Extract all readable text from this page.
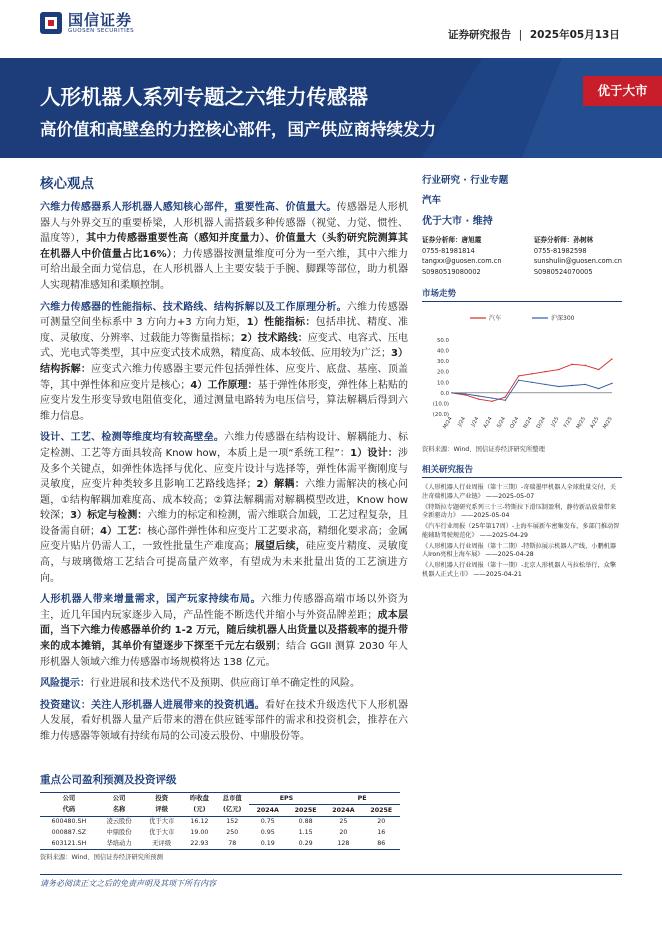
国信证券
GUOSEN SECURITIES	证券研究报告 | 2025年05月13日
人形机器人系列专题之六维力传感器
高价值和高壁垒的力控核心部件，国产供应商持续发力
优于大市
核心观点
六维力传感器系人形机器人感知核心部件，重要性高、价值量大。传感器是人形机器人与外界交互的重要桥梁，人形机器人需搭载多种传感器（视觉、力觉、惯性、温度等），其中力传感器重要性高（感知并度量力）、价值量大（头豹研究院测算其在机器人中价值量占比16%）；力传感器按测量维度可分为一至六维，其中六维力可给出最全面力觉信息，在人形机器人上主要安装于手腕、脚踝等部位，助力机器人实现精准感知和柔顺控制。
六维力传感器的性能指标、技术路线、结构拆解以及工作原理分析。六维力传感器可测量空间坐标系中 3 方向力+3 方向力矩，1）性能指标：包括串扰、精度、准度、灵敏度、分辨率、过载能力等衡量指标；2）技术路线：应变式、电容式、压电式、光电式等类型，其中应变式技术成熟，精度高、成本较低、应用较为广泛；3）结构拆解：应变式六维力传感器主要元件包括弹性体、应变片、底盘、基座、顶盖等，其中弹性体和应变片是核心；4）工作原理：基于弹性体形变，弹性体上粘贴的应变片发生形变导致电阻值变化，通过测量电路转为电压信号，算法解耦后得到六维力信息。
设计、工艺、检测等维度均有较高壁垒。六维力传感器在结构设计、解耦能力、标定检测、工艺等方面具较高 Know how，本质上是一项“系统工程”：1）设计：涉及多个关键点，如弹性体选择与优化、应变片设计与选择等，弹性体需平衡刚度与灵敏度，应变片种类较多且影响工艺路线选择；2）解耦：六维力需解决的核心问题，①结构解耦加难度高、成本较高；②算法解耦需对解耦模型改进，Know how较深；3）标定与检测：六维力的标定和检测，需六维联合加载，工艺过程复杂，且设备需自研；4）工艺：核心部件弹性体和应变片工艺要求高，精细化要求高；金属应变片贴片仍需人工，一致性批量生产难度高；展望后续，硅应变片精度、灵敏度高，与玻璃微熔工艺结合可提高量产效率，有望成为未来批量出货的工艺演进方向。
人形机器人带来增量需求，国产玩家持续布局。六维力传感器高端市场以外资为主，近几年国内玩家逐步入局，产品性能不断迭代并缩小与外资品牌差距；成本层面，当下六维力传感器单价约 1-2 万元，随后续机器人出货量以及搭载率的提升带来的成本摊销，其单价有望逐步下探至千元左右级别；结合 GGII 测算 2030 年人形机器人领域六维力传感器市场规模将达 138 亿元。
风险提示：行业进展和技术迭代不及预期、供应商订单不确定性的风险。
投资建议：关注人形机器人进展带来的投资机遇。看好在技术升级迭代下人形机器人发展，看好机器人量产后带来的潜在供应链零部件的需求和投资机会，推荐在六维力传感器等领域有持续布局的公司凌云股份、中鼎股份等。
重点公司盈利预测及投资评级
公司	公司	投资	昨收盘	总市值	EPS		PE	
代码	名称	评级	(元)	(亿元)	2024A	2025E	2024A	2025E
600480.SH	凌云股份	优于大市	16.12	152	0.75	0.88	25	20
000887.SZ	中鼎股份	优于大市	19.00	250	0.95	1.15	20	16
603121.SH	华培动力	无评级	22.93	78	0.19	0.29	128	86
资料来源：Wind、国信证券经济研究所预测
行业研究 · 行业专题
汽车
优于大市 · 维持
证券分析师：唐旭霞
0755-81981814
tangxx@guosen.com.cn
S0980519080002
证券分析师：孙树林
0755-81982598
sunshulin@guosen.com.cn
S0980524070005
市场走势
汽车	沪深300
50.0
40.0
30.0
20.0
10.0
0.0
(10.0)
(20.0)
M/24 J/24 J/24 A/24 S/24 O/24 N/24 D/24 J/25 F/25 M/25 A/25 M/25
资料来源：Wind、国信证券经济研究所整理
相关研究报告
《人形机器人行业周报（第十三期）-奇瑞墨甲机器人全球批量交付，关注奇瑞机器人产业链》 ——2025-05-07
《特斯拉专题研究系列三十三-特斯拉下滑压制盈利，静待新品放量带来全新驱动力》 ——2025-05-04
《汽车行业周报（25年第17周）-上海车展新车密集发布，多部门推动智能辅助驾驶规范化》 ——2025-04-29
《人形机器人行业周报（第十二期）-特斯拉展示机器人产线，小鹏机器人Iron亮相上海车展》 ——2025-04-28
《人形机器人行业周报（第十一期）-北京人形机器人马拉松举行，众擎机器人正式上市》 ——2025-04-21
请务必阅读正文之后的免责声明及其项下所有内容
